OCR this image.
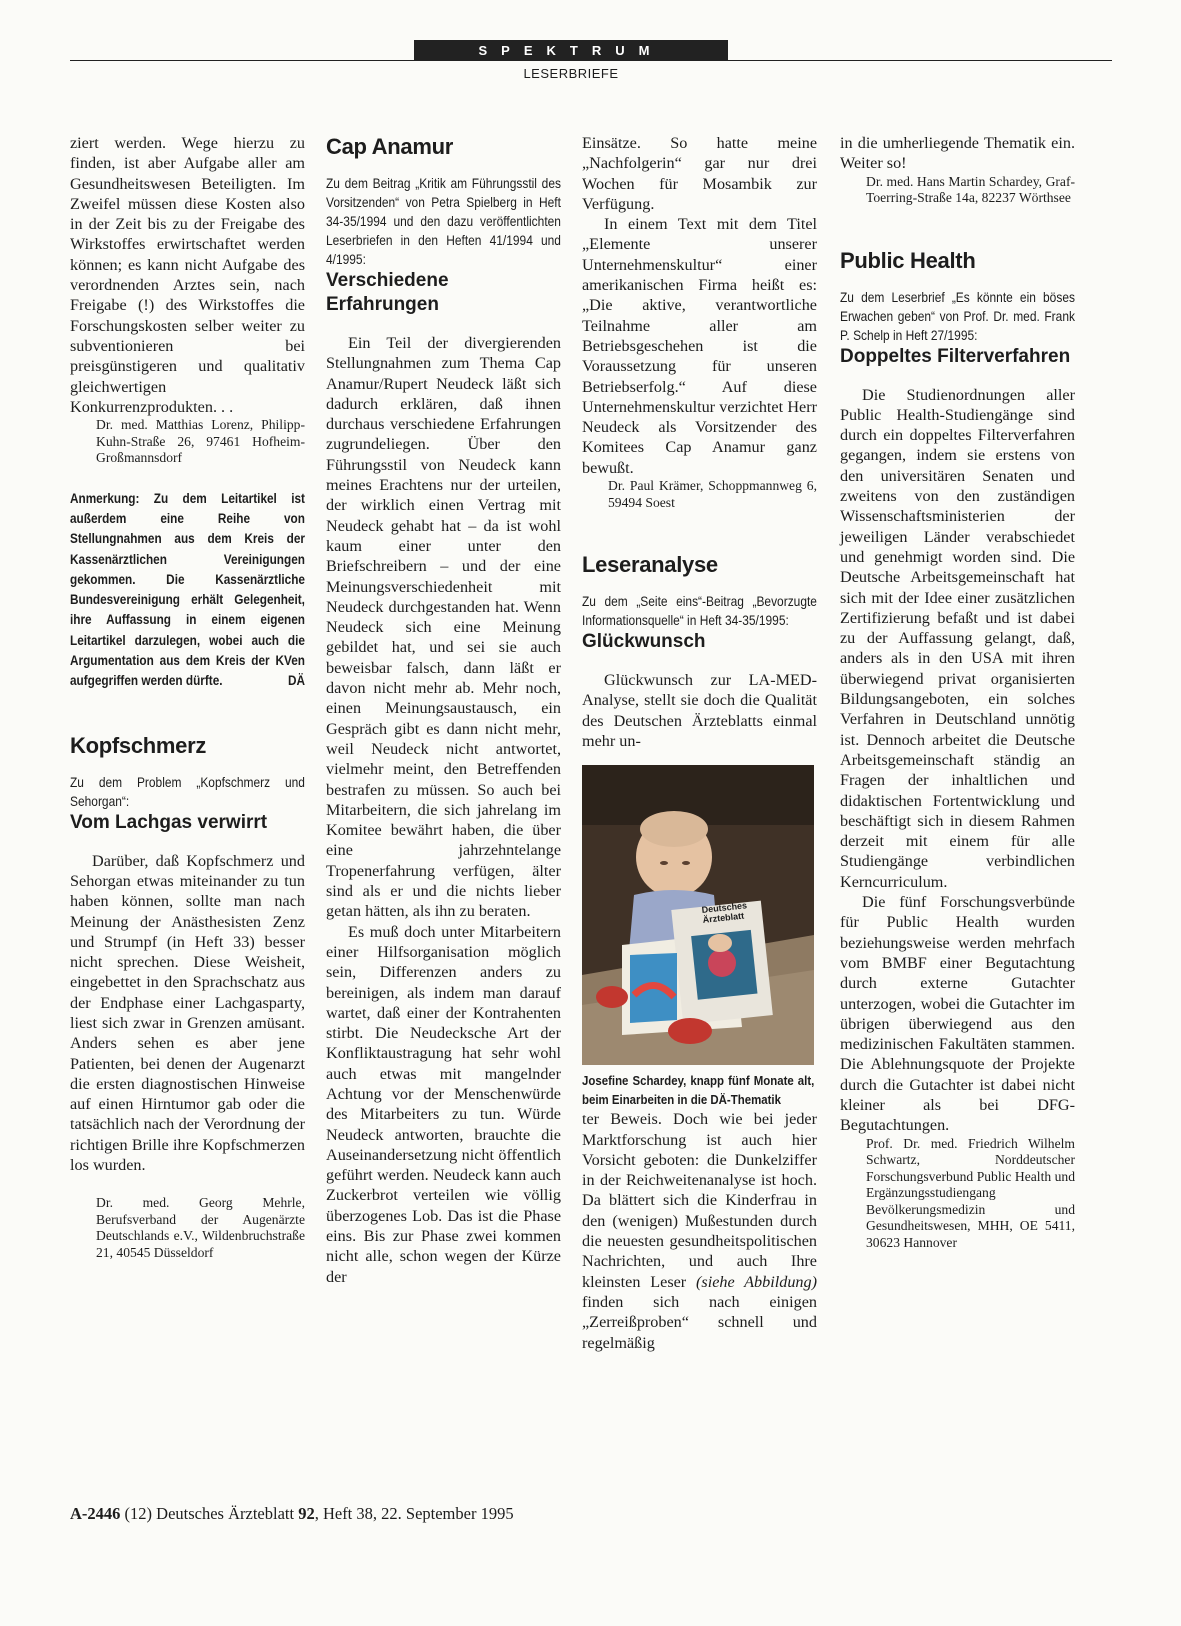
SPEKTRUM
LESERBRIEFE

ziert werden. Wege hierzu zu finden, ist aber Aufgabe aller am Gesundheitswesen Beteiligten. Im Zweifel müssen diese Kosten also in der Zeit bis zu der Freigabe des Wirkstoffes erwirtschaftet werden können; es kann nicht Aufgabe des verordnenden Arztes sein, nach Freigabe (!) des Wirkstoffes die Forschungskosten selber weiter zu subventionieren bei preisgünstigeren und qualitativ gleichwertigen Konkurrenzprodukten. . .

Dr. med. Matthias Lorenz, Philipp-Kuhn-Straße 26, 97461 Hofheim-Großmannsdorf

Anmerkung: Zu dem Leitartikel ist außerdem eine Reihe von Stellungnahmen aus dem Kreis der Kassenärztlichen Vereinigungen gekommen. Die Kassenärztliche Bundesvereinigung erhält Gelegenheit, ihre Auffassung in einem eigenen Leitartikel darzulegen, wobei auch die Argumentation aus dem Kreis der KVen aufgegriffen werden dürfte.	DÄ

Kopfschmerz

Zu dem Problem „Kopfschmerz und Sehorgan“:

Vom Lachgas verwirrt

Darüber, daß Kopfschmerz und Sehorgan etwas miteinander zu tun haben können, sollte man nach Meinung der Anästhesisten Zenz und Strumpf (in Heft 33) besser nicht sprechen. Diese Weisheit, eingebettet in den Sprachschatz aus der Endphase einer Lachgasparty, liest sich zwar in Grenzen amüsant. Anders sehen es aber jene Patienten, bei denen der Augenarzt die ersten diagnostischen Hinweise auf einen Hirntumor gab oder die tatsächlich nach der Verordnung der richtigen Brille ihre Kopfschmerzen los wurden.

Dr. med. Georg Mehrle, Berufsverband der Augenärzte Deutschlands e.V., Wildenbruchstraße 21, 40545 Düsseldorf

Cap Anamur

Zu dem Beitrag „Kritik am Führungsstil des Vorsitzenden“ von Petra Spielberg in Heft 34-35/1994 und den dazu veröffentlichten Leserbriefen in den Heften 41/1994 und 4/1995:

Verschiedene Erfahrungen

Ein Teil der divergierenden Stellungnahmen zum Thema Cap Anamur/Rupert Neudeck läßt sich dadurch erklären, daß ihnen durchaus verschiedene Erfahrungen zugrundeliegen. Über den Führungsstil von Neudeck kann meines Erachtens nur der urteilen, der wirklich einen Vertrag mit Neudeck gehabt hat – da ist wohl kaum einer unter den Briefschreibern – und der eine Meinungsverschiedenheit mit Neudeck durchgestanden hat. Wenn Neudeck sich eine Meinung gebildet hat, und sei sie auch beweisbar falsch, dann läßt er davon nicht mehr ab. Mehr noch, einen Meinungsaustausch, ein Gespräch gibt es dann nicht mehr, weil Neudeck nicht antwortet, vielmehr meint, den Betreffenden bestrafen zu müssen. So auch bei Mitarbeitern, die sich jahrelang im Komitee bewährt haben, die über eine jahrzehntelange Tropenerfahrung verfügen, älter sind als er und die nichts lieber getan hätten, als ihn zu beraten.

Es muß doch unter Mitarbeitern einer Hilfsorganisation möglich sein, Differenzen anders zu bereinigen, als indem man darauf wartet, daß einer der Kontrahenten stirbt. Die Neudecksche Art der Konfliktaustragung hat sehr wohl auch etwas mit mangelnder Achtung vor der Menschenwürde des Mitarbeiters zu tun. Würde Neudeck antworten, brauchte die Auseinandersetzung nicht öffentlich geführt werden. Neudeck kann auch Zuckerbrot verteilen wie völlig überzogenes Lob. Das ist die Phase eins. Bis zur Phase zwei kommen nicht alle, schon wegen der Kürze der

Einsätze. So hatte meine „Nachfolgerin“ gar nur drei Wochen für Mosambik zur Verfügung.

In einem Text mit dem Titel „Elemente unserer Unternehmenskultur“ einer amerikanischen Firma heißt es: „Die aktive, verantwortliche Teilnahme aller am Betriebsgeschehen ist die Voraussetzung für unseren Betriebserfolg.“ Auf diese Unternehmenskultur verzichtet Herr Neudeck als Vorsitzender des Komitees Cap Anamur ganz bewußt.

Dr. Paul Krämer, Schoppmannweg 6, 59494 Soest

Leseranalyse

Zu dem „Seite eins“-Beitrag „Bevorzugte Informationsquelle“ in Heft 34-35/1995:

Glückwunsch

Glückwunsch zur LA-MED-Analyse, stellt sie doch die Qualität des Deutschen Ärzteblatts einmal mehr un-

Deutsches Ärzteblatt

Josefine Schardey, knapp fünf Monate alt, beim Einarbeiten in die DÄ-Thematik

ter Beweis. Doch wie bei jeder Marktforschung ist auch hier Vorsicht geboten: die Dunkelziffer in der Reichweitenanalyse ist hoch. Da blättert sich die Kinderfrau in den (wenigen) Mußestunden durch die neuesten gesundheitspolitischen Nachrichten, und auch Ihre kleinsten Leser (siehe Abbildung) finden sich nach einigen „Zerreißproben“ schnell und regelmäßig

in die umherliegende Thematik ein. Weiter so!

Dr. med. Hans Martin Schardey, Graf-Toerring-Straße 14a, 82237 Wörthsee

Public Health

Zu dem Leserbrief „Es könnte ein böses Erwachen geben“ von Prof. Dr. med. Frank P. Schelp in Heft 27/1995:

Doppeltes Filterverfahren

Die Studienordnungen aller Public Health-Studiengänge sind durch ein doppeltes Filterverfahren gegangen, indem sie erstens von den universitären Senaten und zweitens von den zuständigen Wissenschaftsministerien der jeweiligen Länder verabschiedet und genehmigt worden sind. Die Deutsche Arbeitsgemeinschaft hat sich mit der Idee einer zusätzlichen Zertifizierung befaßt und ist dabei zu der Auffassung gelangt, daß, anders als in den USA mit ihren überwiegend privat organisierten Bildungsangeboten, ein solches Verfahren in Deutschland unnötig ist. Dennoch arbeitet die Deutsche Arbeitsgemeinschaft ständig an Fragen der inhaltlichen und didaktischen Fortentwicklung und beschäftigt sich in diesem Rahmen derzeit mit einem für alle Studiengänge verbindlichen Kerncurriculum.

Die fünf Forschungsverbünde für Public Health wurden beziehungsweise werden mehrfach vom BMBF einer Begutachtung durch externe Gutachter unterzogen, wobei die Gutachter im übrigen überwiegend aus den medizinischen Fakultäten stammen. Die Ablehnungsquote der Projekte durch die Gutachter ist dabei nicht kleiner als bei DFG-Begutachtungen.

Prof. Dr. med. Friedrich Wilhelm Schwartz, Norddeutscher Forschungsverbund Public Health und Ergänzungsstudiengang Bevölkerungsmedizin und Gesundheitswesen, MHH, OE 5411, 30623 Hannover

A-2446 (12) Deutsches Ärzteblatt 92, Heft 38, 22. September 1995
